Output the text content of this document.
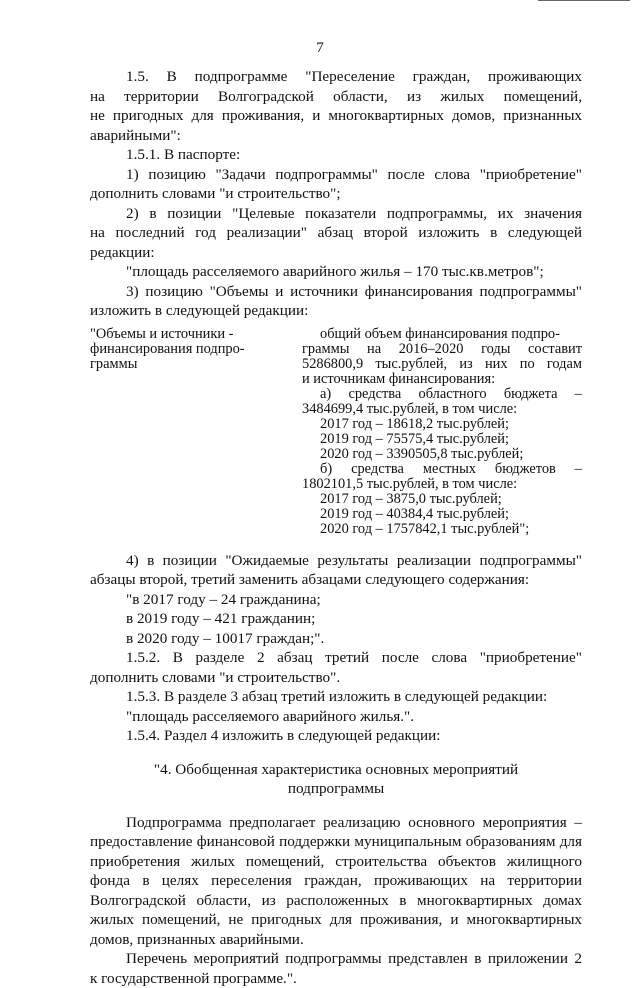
7
1.5. В подпрограмме "Переселение граждан, проживающих
на территории Волгоградской области, из жилых помещений,
не пригодных для проживания, и многоквартирных домов, признанных
аварийными":
1.5.1. В паспорте:
1) позицию "Задачи подпрограммы" после слова "приобретение"
дополнить словами "и строительство";
2) в позиции "Целевые показатели подпрограммы, их значения
на последний год реализации" абзац второй изложить в следующей редакции:
"площадь расселяемого аварийного жилья – 170 тыс.кв.метров";
3) позицию "Объемы и источники финансирования подпрограммы"
изложить в следующей редакции:
"Объемы и источники -
финансирования подпро-
граммы
общий объем финансирования подпро-
граммы на 2016–2020 годы составит
5286800,9 тыс.рублей, из них по годам
и источникам финансирования:
а) средства областного бюджета –
3484699,4 тыс.рублей, в том числе:
2017 год – 18618,2 тыс.рублей;
2019 год – 75575,4 тыс.рублей;
2020 год – 3390505,8 тыс.рублей;
б) средства местных бюджетов –
1802101,5 тыс.рублей, в том числе:
2017 год – 3875,0 тыс.рублей;
2019 год – 40384,4 тыс.рублей;
2020 год – 1757842,1 тыс.рублей";
4) в позиции "Ожидаемые результаты реализации подпрограммы"
абзацы второй, третий заменить абзацами следующего содержания:
"в 2017 году – 24 гражданина;
в 2019 году – 421 гражданин;
в 2020 году – 10017 граждан;".
1.5.2. В разделе 2 абзац третий после слова "приобретение"
дополнить словами "и строительство".
1.5.3. В разделе 3 абзац третий изложить в следующей редакции:
"площадь расселяемого аварийного жилья.".
1.5.4. Раздел 4 изложить в следующей редакции:
"4. Обобщенная характеристика основных мероприятий
подпрограммы
Подпрограмма предполагает реализацию основного мероприятия –
предоставление финансовой поддержки муниципальным образованиям для
приобретения жилых помещений, строительства объектов жилищного
фонда в целях переселения граждан, проживающих на территории
Волгоградской области, из расположенных в многоквартирных домах
жилых помещений, не пригодных для проживания, и многоквартирных
домов, признанных аварийными.
Перечень мероприятий подпрограммы представлен в приложении 2
к государственной программе.".
